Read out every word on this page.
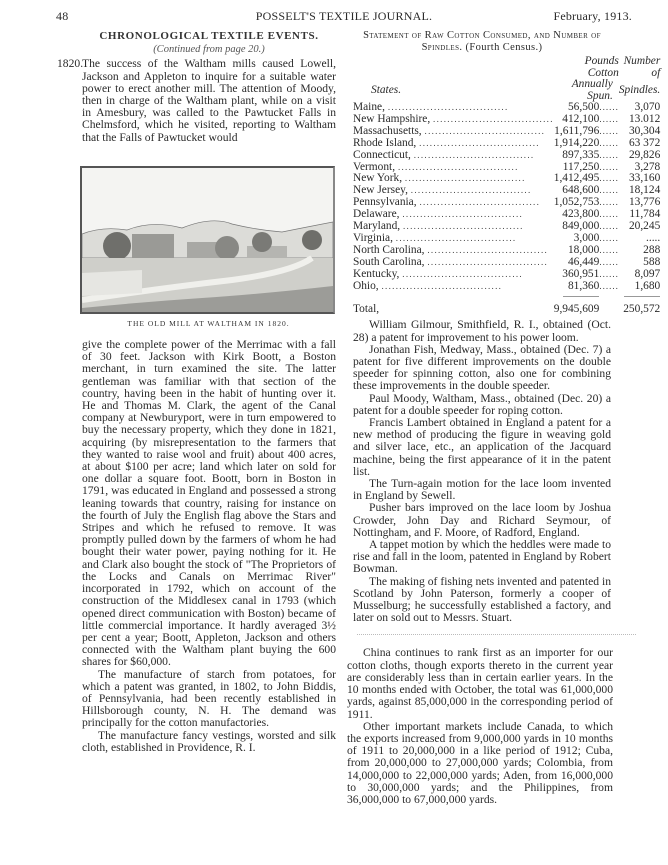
48	POSSELT'S TEXTILE JOURNAL.	February, 1913.
CHRONOLOGICAL TEXTILE EVENTS.
(Continued from page 20.)

1820.
The success of the Waltham mills caused Lowell, Jackson and Appleton to inquire for a suitable water power to erect another mill. The attention of Moody, then in charge of the Waltham plant, while on a visit in Amesbury, was called to the Pawtucket Falls in Chelmsford, which he visited, reporting to Waltham that the Falls of Pawtucket would

THE OLD MILL AT WALTHAM IN 1820.

give the complete power of the Merrimac with a fall of 30 feet. Jackson with Kirk Boott, a Boston merchant, in turn examined the site. The latter gentleman was familiar with that section of the country, having been in the habit of hunting over it. He and Thomas M. Clark, the agent of the Canal company at Newburyport, were in turn empowered to buy the necessary property, which they done in 1821, acquiring (by misrepresentation to the farmers that they wanted to raise wool and fruit) about 400 acres, at about $100 per acre; land which later on sold for one dollar a square foot. Boott, born in Boston in 1791, was educated in England and possessed a strong leaning towards that country, raising for instance on the fourth of July the English flag above the Stars and Stripes and which he refused to remove. It was promptly pulled down by the farmers of whom he had bought their water power, paying nothing for it. He and Clark also bought the stock of "The Proprietors of the Locks and Canals on Merrimac River" incorporated in 1792, which on account of the construction of the Middlesex canal in 1793 (which opened direct communication with Boston) became of little commercial importance. It hardly averaged 3½ per cent a year; Boott, Appleton, Jackson and others connected with the Waltham plant buying the 600 shares for $60,000.

The manufacture of starch from potatoes, for which a patent was granted, in 1802, to John Biddis, of Pennsylvania, had been recently established in Hillsborough county, N. H. The demand was principally for the cotton manufactories.

The manufacture fancy vestings, worsted and silk cloth, established in Providence, R. I.

Statement of Raw Cotton Consumed, and Number of Spindles. (Fourth Census.)
	Pounds Cotton		Number of
States.	Annually Spun.		Spindles.
Maine, ..................................	56,500	......	3,070
New Hampshire, ..................................	412,100	......	13.012
Massachusetts, ..................................	1,611,796	......	30,304
Rhode Island, ..................................	1,914,220	......	63 372
Connecticut, ..................................	897,335	......	29,826
Vermont, ..................................	117,250	......	3,278
New York, ..................................	1,412,495	......	33,160
New Jersey, ..................................	648,600	......	18,124
Pennsylvania, ..................................	1,052,753	......	13,776
Delaware, ..................................	423,800	......	11,784
Maryland, ..................................	849,000	......	20,245
Virginia, ..................................	3,000	......	.....
North Carolina, ..................................	18,000	......	288
South Carolina, ..................................	46,449	......	588
Kentucky, ..................................	360,951	......	8,097
Ohio, ..................................	81,360	......	1,680

Total,	9,945,609		250,572

William Gilmour, Smithfield, R. I., obtained (Oct. 28) a patent for improvement to his power loom.

Jonathan Fish, Medway, Mass., obtained (Dec. 7) a patent for five different improvements on the double speeder for spinning cotton, also one for combining these improvements in the double speeder.

Paul Moody, Waltham, Mass., obtained (Dec. 20) a patent for a double speeder for roping cotton.

Francis Lambert obtained in England a patent for a new method of producing the figure in weaving gold and silver lace, etc., an application of the Jacquard machine, being the first appearance of it in the patent list.

The Turn-again motion for the lace loom invented in England by Sewell.

Pusher bars improved on the lace loom by Joshua Crowder, John Day and Richard Seymour, of Nottingham, and F. Moore, of Radford, England.

A tappet motion by which the heddles were made to rise and fall in the loom, patented in England by Robert Bowman.

The making of fishing nets invented and patented in Scotland by John Paterson, formerly a cooper of Musselburg; he successfully established a factory, and later on sold out to Messrs. Stuart.

China continues to rank first as an importer for our cotton cloths, though exports thereto in the current year are considerably less than in certain earlier years. In the 10 months ended with October, the total was 61,000,000 yards, against 85,000,000 in the corresponding period of 1911.

Other important markets include Canada, to which the exports increased from 9,000,000 yards in 10 months of 1911 to 20,000,000 in a like period of 1912; Cuba, from 20,000,000 to 27,000,000 yards; Colombia, from 14,000,000 to 22,000,000 yards; Aden, from 16,000,000 to 30,000,000 yards; and the Philippines, from 36,000,000 to 67,000,000 yards.
